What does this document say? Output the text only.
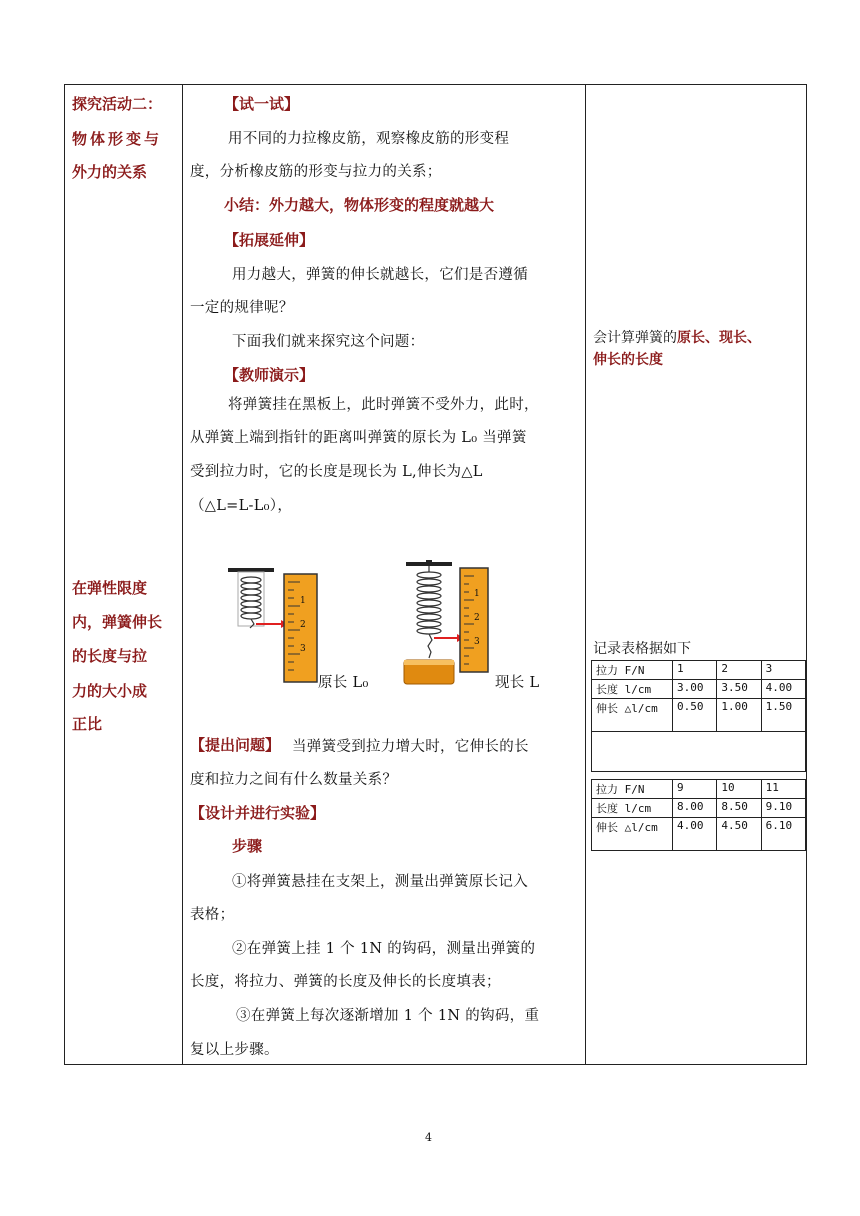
探究活动二：
物体形变与
外力的关系
在弹性限度
内，弹簧伸长
的长度与拉
力的大小成
正比
【试一试】
用不同的力拉橡皮筋，观察橡皮筋的形变程
度，分析橡皮筋的形变与拉力的关系；
小结：外力越大，物体形变的程度就越大
【拓展延伸】
用力越大，弹簧的伸长就越长，它们是否遵循
一定的规律呢？
下面我们就来探究这个问题：
【教师演示】
将弹簧挂在黑板上，此时弹簧不受外力，此时，
从弹簧上端到指针的距离叫弹簧的原长为 L₀ 当弹簧
受到拉力时，它的长度是现长为 L,伸长为△L
（△L=L-L₀），
1
2
3
原长 L₀
1
2
3
现长 L
【提出问题】 当弹簧受到拉力增大时，它伸长的长
度和拉力之间有什么数量关系？
【设计并进行实验】
步骤
①将弹簧悬挂在支架上，测量出弹簧原长记入
表格；
②在弹簧上挂 1 个 1N 的钩码，测量出弹簧的
长度，将拉力、弹簧的长度及伸长的长度填表；
③在弹簧上每次逐渐增加 1 个 1N 的钩码，重
复以上步骤。
会计算弹簧的原长、现长、
伸长的长度
记录表格据如下
拉力 F/N	1	2	3
长度 l/cm	3.00	3.50	4.00
伸长 △l/cm	0.50	1.00	1.50
拉力 F/N	9	10	11
长度 l/cm	8.00	8.50	9.10
伸长 △l/cm	4.00	4.50	6.10
4
